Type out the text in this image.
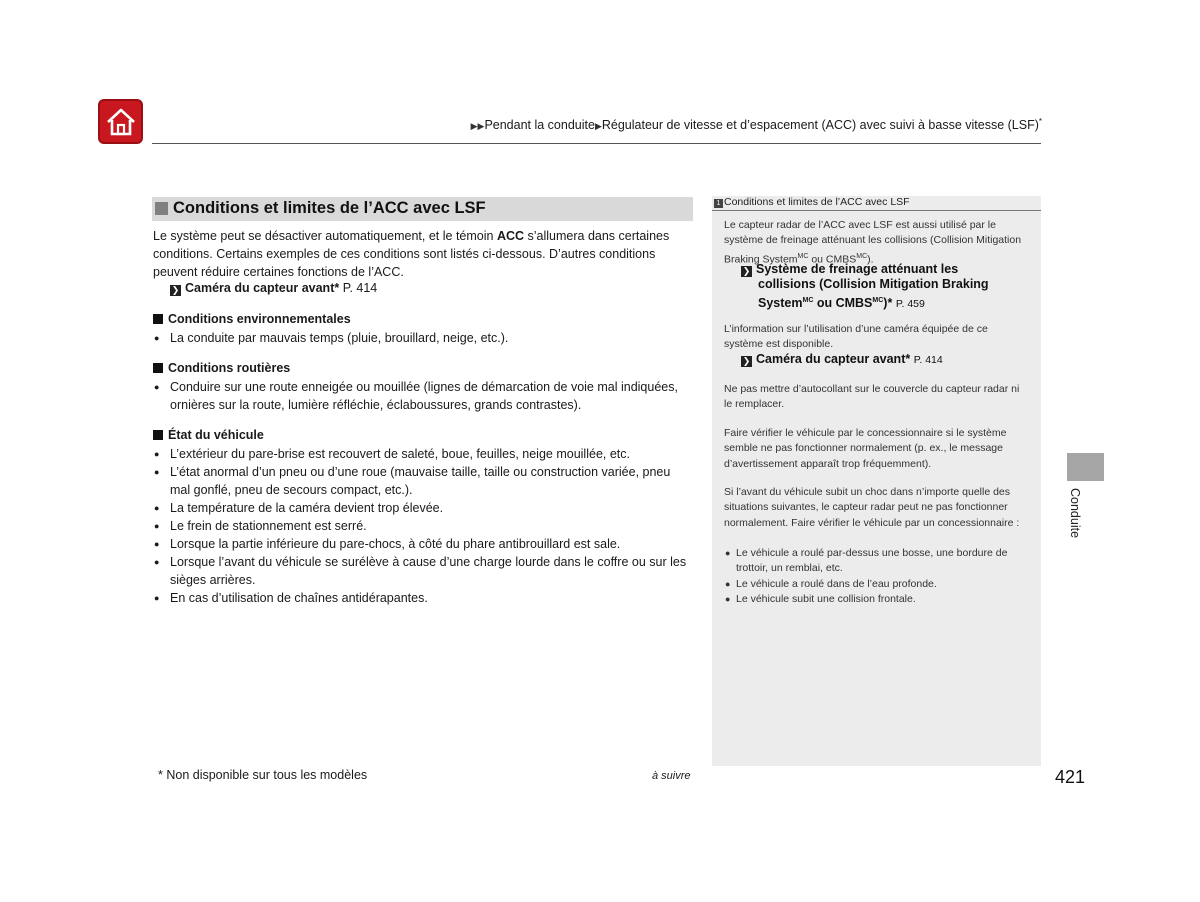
▶▶Pendant la conduite▶Régulateur de vitesse et d’espacement (ACC) avec suivi à basse vitesse (LSF)*
Conditions et limites de l’ACC avec LSF
Le système peut se désactiver automatiquement, et le témoin ACC s’allumera dans certaines conditions. Certains exemples de ces conditions sont listés ci-dessous. D’autres conditions peuvent réduire certaines fonctions de l’ACC.
❯ Caméra du capteur avant* P. 414
Conditions environnementales
● La conduite par mauvais temps (pluie, brouillard, neige, etc.).
Conditions routières
● Conduire sur une route enneigée ou mouillée (lignes de démarcation de voie mal indiquées, ornières sur la route, lumière réfléchie, éclaboussures, grands contrastes).
État du véhicule
● L’extérieur du pare-brise est recouvert de saleté, boue, feuilles, neige mouillée, etc.
● L’état anormal d’un pneu ou d’une roue (mauvaise taille, taille ou construction variée, pneu mal gonflé, pneu de secours compact, etc.).
● La température de la caméra devient trop élevée.
● Le frein de stationnement est serré.
● Lorsque la partie inférieure du pare-chocs, à côté du phare antibrouillard est sale.
● Lorsque l’avant du véhicule se surélève à cause d’une charge lourde dans le coffre ou sur les sièges arrières.
● En cas d’utilisation de chaînes antidérapantes.
1 Conditions et limites de l’ACC avec LSF
Le capteur radar de l’ACC avec LSF est aussi utilisé par le système de freinage atténuant les collisions (Collision Mitigation Braking System$^{MC}$ ou $CMBS^{MC}$).
❯ Système de freinage atténuant les
collisions (Collision Mitigation Braking
System$^{MC}$ ou $CMBS^{MC})*$ P. 459
L’information sur l’utilisation d’une caméra équipée de ce système est disponible.
❯ Caméra du capteur avant* P. 414
Ne pas mettre d’autocollant sur le couvercle du capteur radar ni le remplacer.
Faire vérifier le véhicule par le concessionnaire si le système semble ne pas fonctionner normalement (p. ex., le message d’avertissement apparaît trop fréquemment).
Si l’avant du véhicule subit un choc dans n’importe quelle des situations suivantes, le capteur radar peut ne pas fonctionner normalement. Faire vérifier le véhicule par un concessionnaire :
● Le véhicule a roulé par-dessus une bosse, une bordure de trottoir, un remblai, etc.
● Le véhicule a roulé dans de l’eau profonde.
● Le véhicule subit une collision frontale.
Conduite
* Non disponible sur tous les modèles	à suivre	421
